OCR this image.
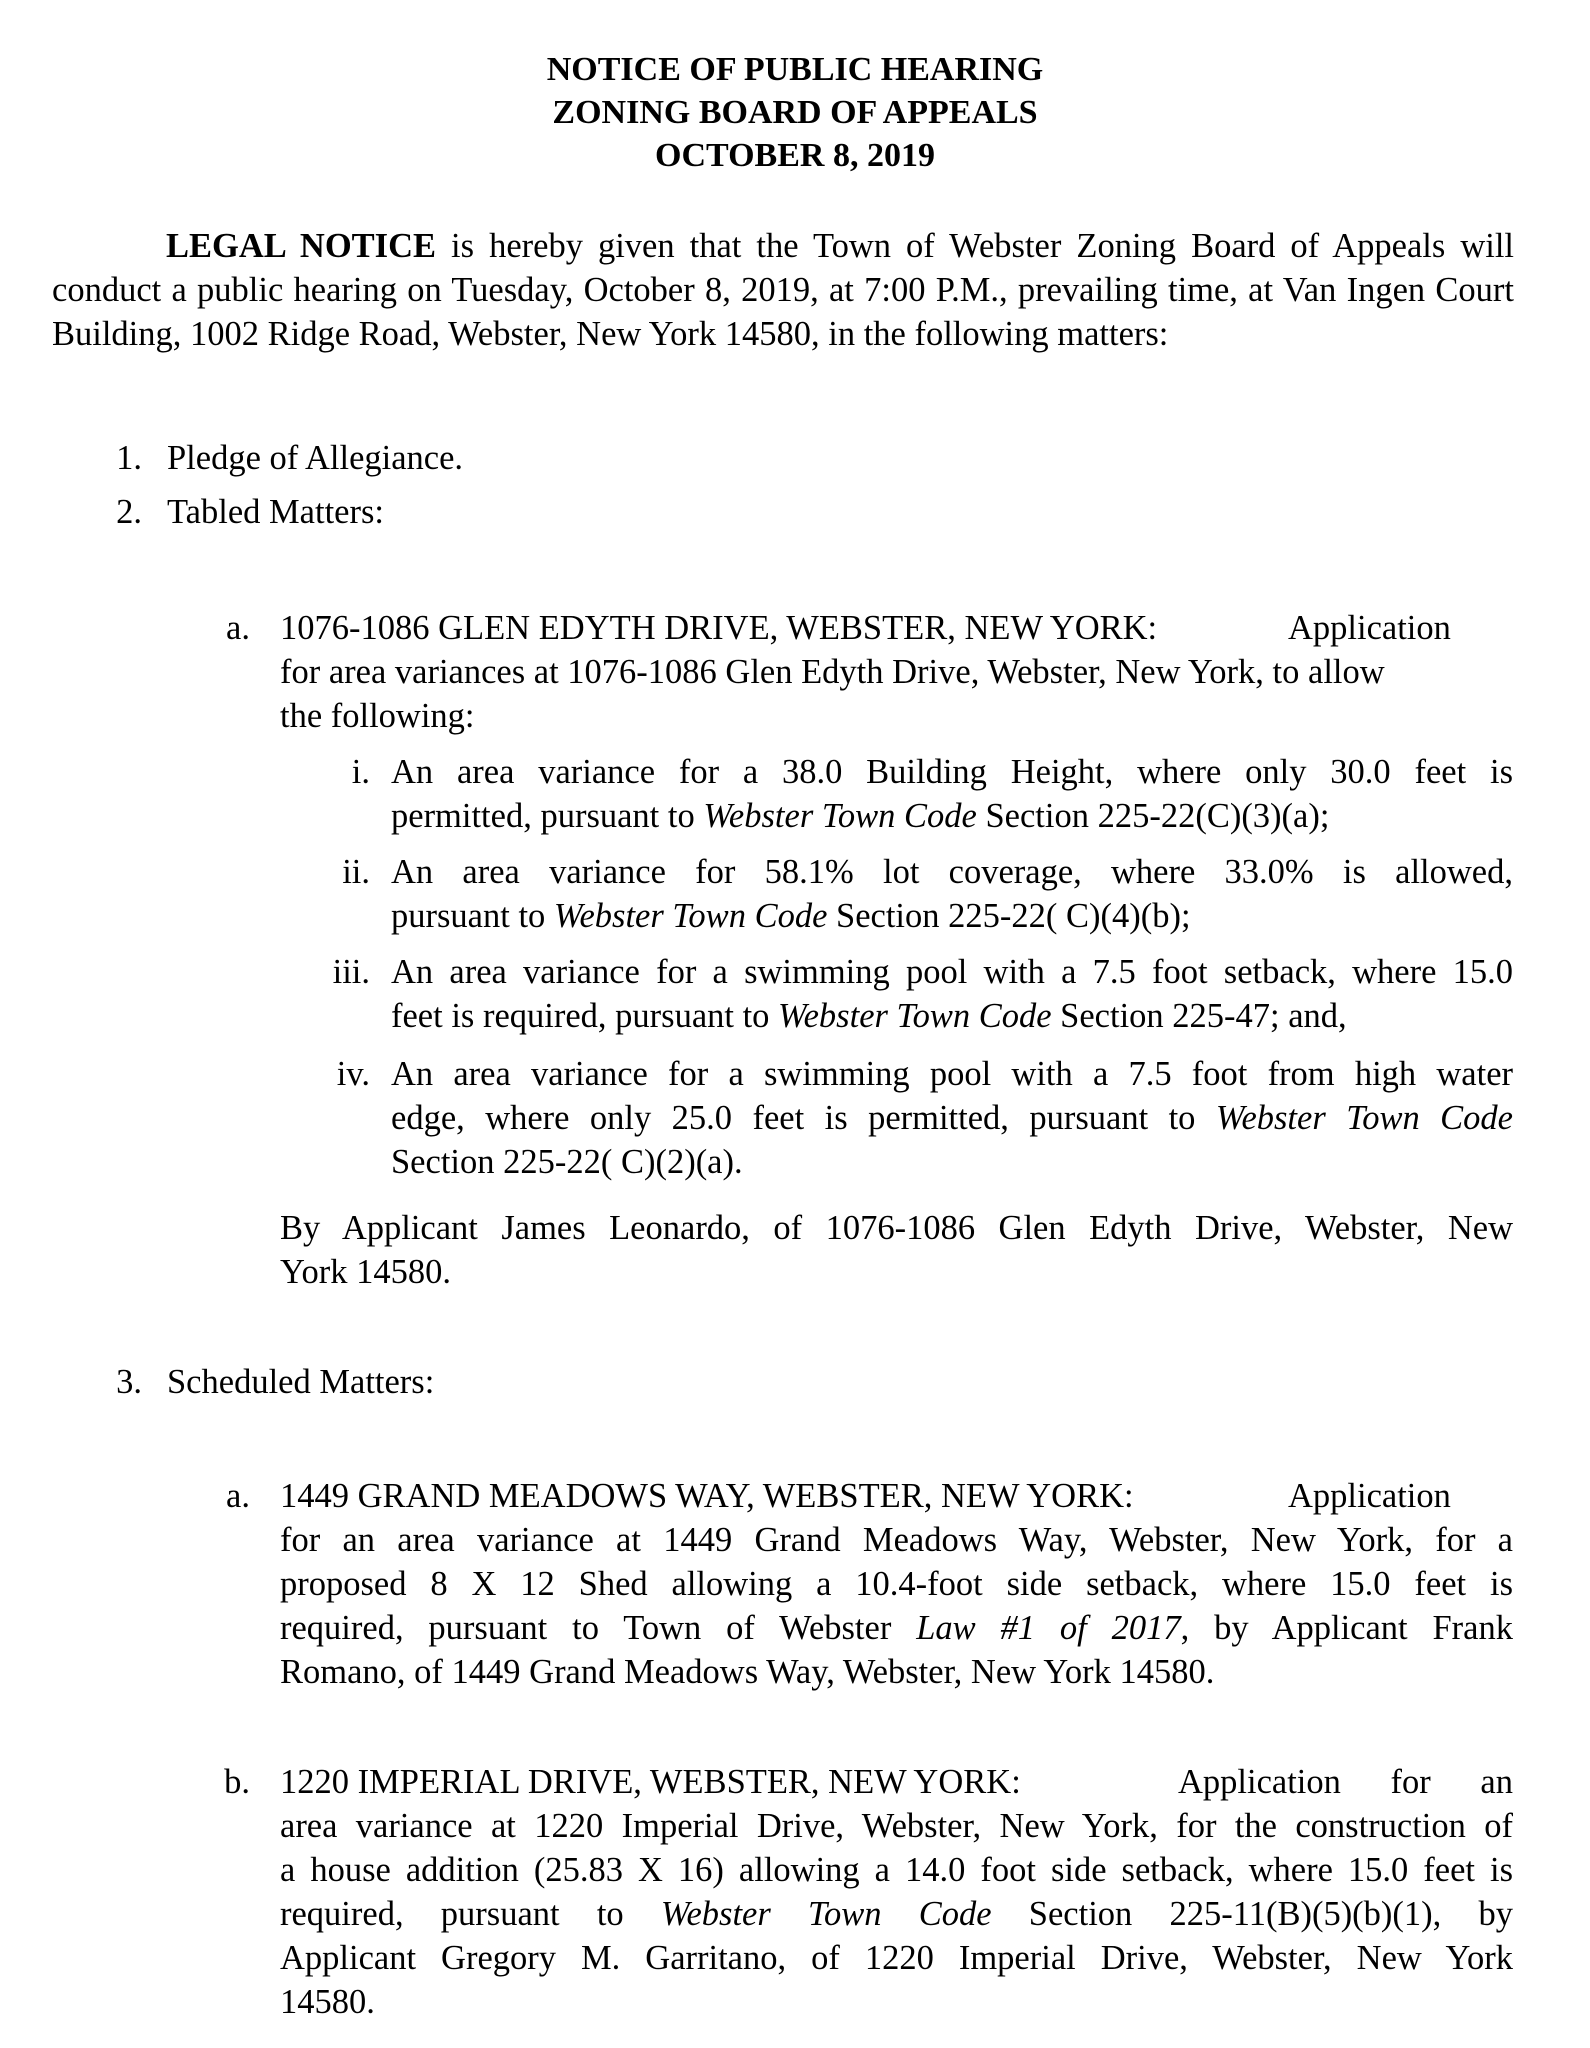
NOTICE OF PUBLIC HEARING
ZONING BOARD OF APPEALS
OCTOBER 8, 2019
LEGAL NOTICE is hereby given that the Town of Webster Zoning Board of Appeals will conduct a public hearing on Tuesday, October 8, 2019, at 7:00 P.M., prevailing time, at Van Ingen Court Building, 1002 Ridge Road, Webster, New York 14580, in the following matters:
1. Pledge of Allegiance.
2. Tabled Matters:
a. 1076-1086 GLEN EDYTH DRIVE, WEBSTER, NEW YORK:	Application
for area variances at 1076-1086 Glen Edyth Drive, Webster, New York, to allow
the following:
i. An area variance for a 38.0 Building Height, where only 30.0 feet is
permitted, pursuant to Webster Town Code Section 225-22(C)(3)(a);
ii. An area variance for 58.1% lot coverage, where 33.0% is allowed,
pursuant to Webster Town Code Section 225-22( C)(4)(b);
iii. An area variance for a swimming pool with a 7.5 foot setback, where 15.0
feet is required, pursuant to Webster Town Code Section 225-47; and,
iv. An area variance for a swimming pool with a 7.5 foot from high water
edge, where only 25.0 feet is permitted, pursuant to Webster Town Code
Section 225-22( C)(2)(a).
By Applicant James Leonardo, of 1076-1086 Glen Edyth Drive, Webster, New
York 14580.
3. Scheduled Matters:
a. 1449 GRAND MEADOWS WAY, WEBSTER, NEW YORK:	Application
for an area variance at 1449 Grand Meadows Way, Webster, New York, for a
proposed 8 X 12 Shed allowing a 10.4-foot side setback, where 15.0 feet is
required, pursuant to Town of Webster Law #1 of 2017, by Applicant Frank
Romano, of 1449 Grand Meadows Way, Webster, New York 14580.
b. 1220 IMPERIAL DRIVE, WEBSTER, NEW YORK:	Application for an
area variance at 1220 Imperial Drive, Webster, New York, for the construction of
a house addition (25.83 X 16) allowing a 14.0 foot side setback, where 15.0 feet is
required, pursuant to Webster Town Code Section 225-11(B)(5)(b)(1), by
Applicant Gregory M. Garritano, of 1220 Imperial Drive, Webster, New York
14580.
